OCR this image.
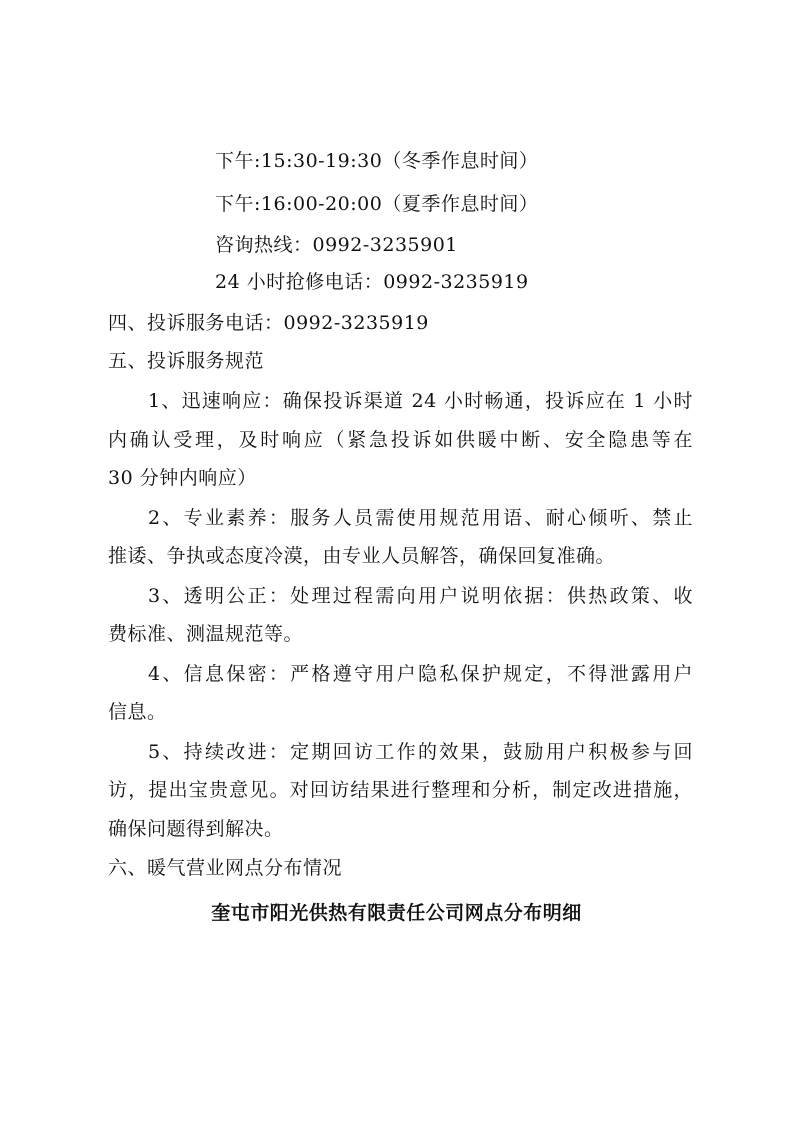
下午:15:30-19:30（冬季作息时间）
下午:16:00-20:00（夏季作息时间）
咨询热线：0992-3235901
24 小时抢修电话：0992-3235919
四、投诉服务电话：0992-3235919
五、投诉服务规范
1、迅速响应：确保投诉渠道 24 小时畅通，投诉应在 1 小时
内确认受理，及时响应（紧急投诉如供暖中断、安全隐患等在
30 分钟内响应）
2、专业素养：服务人员需使用规范用语、耐心倾听、禁止
推诿、争执或态度冷漠，由专业人员解答，确保回复准确。
3、透明公正：处理过程需向用户说明依据：供热政策、收
费标准、测温规范等。
4、信息保密：严格遵守用户隐私保护规定，不得泄露用户
信息。
5、持续改进：定期回访工作的效果，鼓励用户积极参与回
访，提出宝贵意见。对回访结果进行整理和分析，制定改进措施，
确保问题得到解决。
六、暖气营业网点分布情况
奎屯市阳光供热有限责任公司网点分布明细
